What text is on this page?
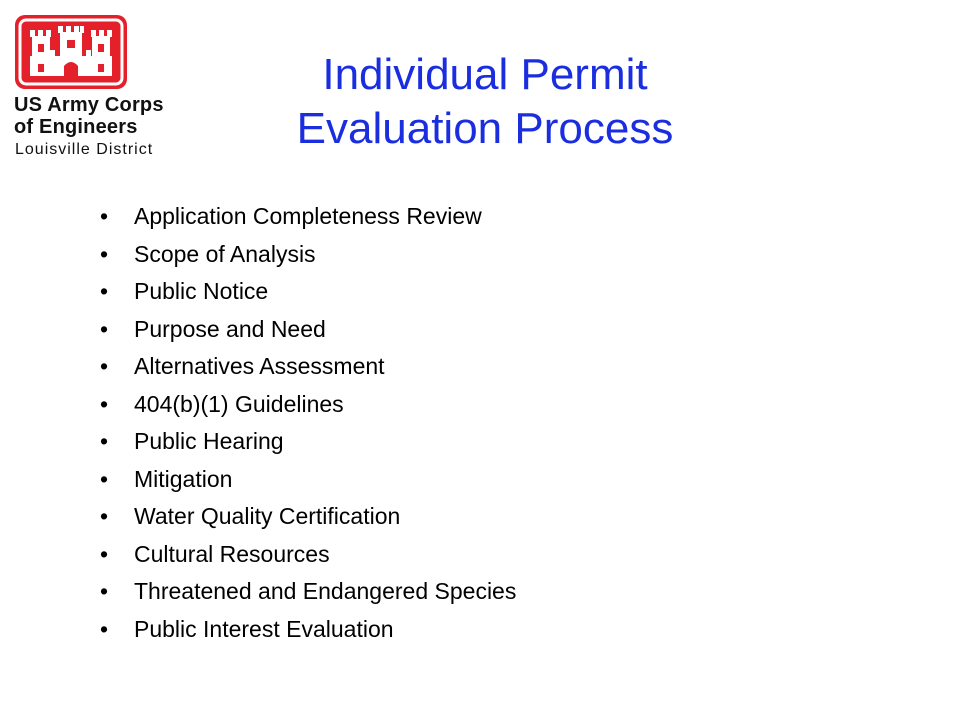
US Army Corps
of Engineers
Louisville District
Individual Permit
Evaluation Process
•	Application Completeness Review
•	Scope of Analysis
•	Public Notice
•	Purpose and Need
•	Alternatives Assessment
•	404(b)(1) Guidelines
•	Public Hearing
•	Mitigation
•	Water Quality Certification
•	Cultural Resources
•	Threatened and Endangered Species
•	Public Interest Evaluation
